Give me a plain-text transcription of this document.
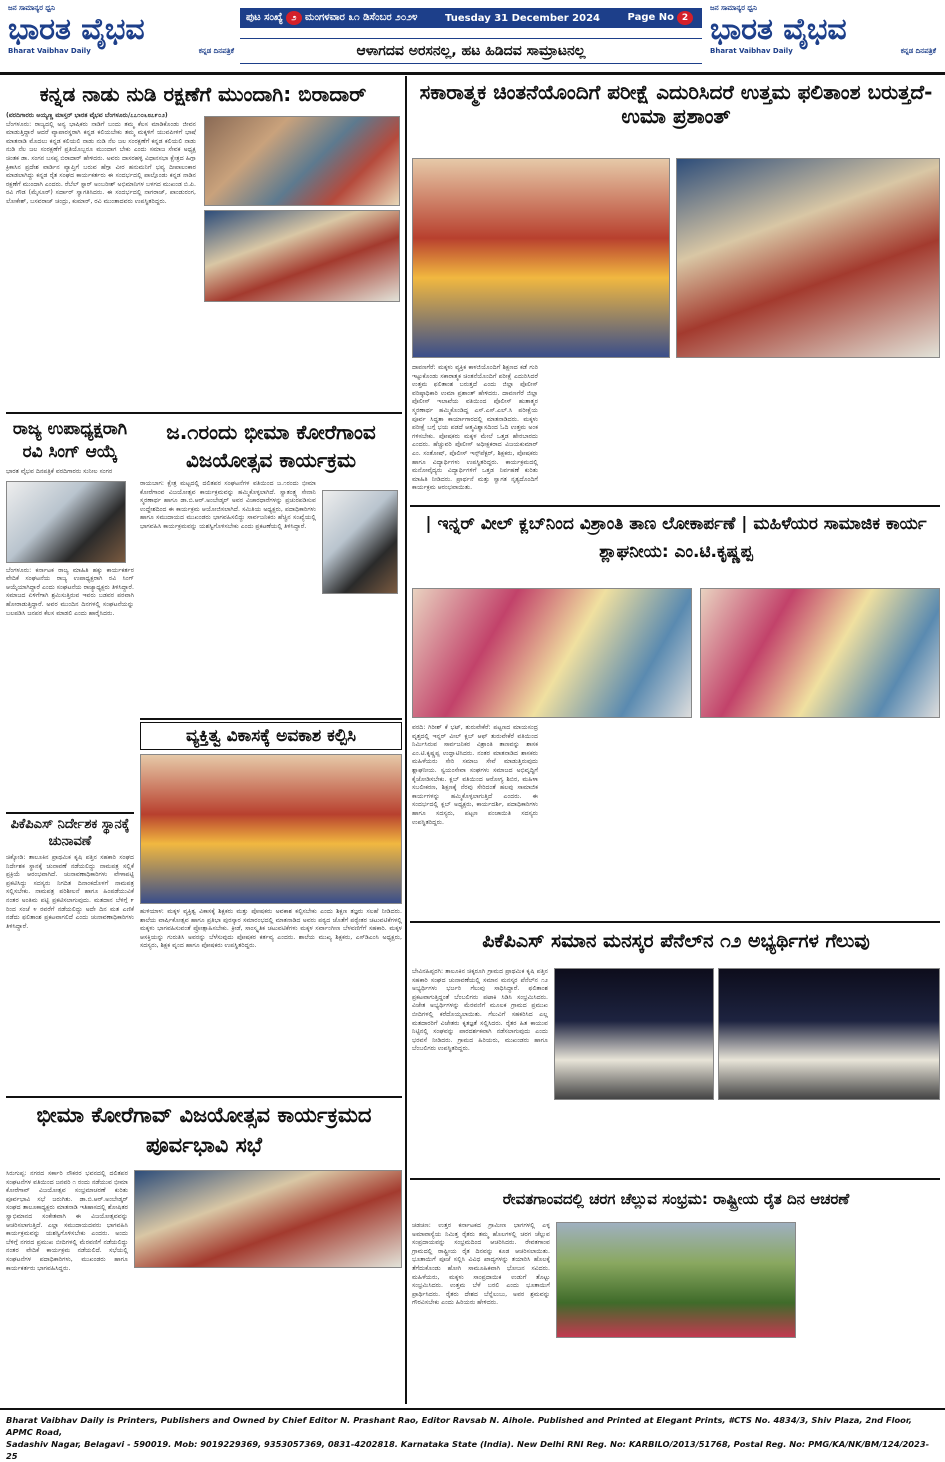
ಜನ ಸಾಮಾನ್ಯರ ಧ್ವನಿ
ಭಾರತ ವೈಭವ
Bharat Vaibhav Daily	ಕನ್ನಡ ದಿನಪತ್ರಿಕೆ
ಪುಟ ಸಂಖ್ಯೆ ೨ ಮಂಗಳವಾರ ೩೧ ಡಿಸೆಂಬರ ೨೦೨೪	Tuesday 31 December 2024	Page No 2
ಆಳಾಗದವ ಅರಸನಲ್ಲ, ಹಟ ಹಿಡಿದವ ಸಾಮ್ರಾಟನಲ್ಲ
ಜನ ಸಾಮಾನ್ಯರ ಧ್ವನಿ
ಭಾರತ ವೈಭವ
Bharat Vaibhav Daily	ಕನ್ನಡ ದಿನಪತ್ರಿಕೆ
ಕನ್ನಡ ನಾಡು ನುಡಿ ರಕ್ಷಣೆಗೆ ಮುಂದಾಗಿ: ಬಿರಾದಾರ್
(ವರದಿಗಾರರು ಅಯ್ಯಣ್ಣ ಮಾಸ್ತರ್ ಭಾರತ ವೈಭವ ಬೆಂಗಳೂರು/೭೭೧೦೬೮೭೯೦೨)
ಬೆಂಗಳೂರು: ರಾಜ್ಯದಲ್ಲಿ ಅನ್ಯ ಭಾಷಿಕರು ನಾಡಿಗೆ ಬಂದು ತಮ್ಮ ಕೆಲಸ ಮಾಡಿಕೊಂಡು ಜೀವನ ಮಾಡುತ್ತಿದ್ದಾರೆ ಆದರೆ ವ್ಯಾಪಾರಸ್ಥರಾಗಿ ಕನ್ನಡ ಕಲಿಯಬೇಕು ತಮ್ಮ ಮಕ್ಕಳಿಗೆ ಯುವಪೀಳಿಗೆ ಭಾಷೆ ಮಾತನಾಡಿ ಮೊದಲು ಕನ್ನಡ ಕಲಿಯಲಿ ನಾಡು ನುಡಿ ನೆಲ ಜಲ ಸಂರಕ್ಷಣೆಗೆ ಕನ್ನಡ ಕಲಿಯಲಿ ನಾಡು ನುಡಿ ನೆಲ ಜಲ ಸಂರಕ್ಷಣೆಗೆ ಪ್ರತಿಯೊಬ್ಬರೂ ಮುಂದಾಗ ಬೇಕು ಎಂದು ಸಮಾಜ ಸೇವಕ ಅಧ್ಯಕ್ಷ ಚಿಂತಕ ಡಾ. ಸಂಗನ ಬಸಪ್ಪ ಬಿರಾದಾರ್ ಹೇಳಿದರು. ಅವರು ದಾಸರಹಳ್ಳಿ ವಿಧಾನಸಭಾ ಕ್ಷೇತ್ರದ ಹಿಗ್ಗಾ ಕ್ರಿಕಾಸಿನ ಪ್ರದೇಶ ವಾರ್ಡಿನ ವ್ಯಾಪ್ತಿಗೆ ಬರುವ ಹೆಗ್ಗಾ ವೀರ ಹನುಮನಿಗೆ ಭವ್ಯ ದೀಪಾಲಂಕಾರ ಮಾಡಲಾಗಿದ್ದು ಕನ್ನಡ ರೈತ ಸಂಘದ ಕಾರ್ಯಕರ್ತರು ಈ ಸಂದರ್ಭದಲ್ಲಿ ಪಾಲ್ಗೊಂಡು ಕನ್ನಡ ನಾಡಿನ ರಕ್ಷಣೆಗೆ ಮುಂದಾಗಿ ಎಂದರು. ರೆಬೆಲ್ ಸ್ಟಾರ್ ಅಂಬರೀಶ್ ಅಭಿಮಾನಿಗಳ ಬಳಗದ ಮುಖಂಡ ಬಿ.ಪಿ. ರವಿ ಗೌಡ (ಮೈಸೂರ್) ಸರ್ದಾರ್ ಸ್ವಾಗತಿಸಿದರು. ಈ ಸಂದರ್ಭದಲ್ಲಿ ನಾಗರಾಜ್, ಪಾಂಡುರಂಗ, ಲೋಕೇಶ್, ಬಸವರಾಜ್ ಚಂದ್ರು, ಕುಮಾರ್, ರವಿ ಮುಂತಾದವರು ಉಪಸ್ಥಿತರಿದ್ದರು.
ಸಕಾರಾತ್ಮಕ ಚಿಂತನೆಯೊಂದಿಗೆ ಪರೀಕ್ಷೆ ಎದುರಿಸಿದರೆ ಉತ್ತಮ ಫಲಿತಾಂಶ ಬರುತ್ತದೆ-ಉಮಾ ಪ್ರಶಾಂತ್
ದಾವಣಗೆರೆ: ಮಕ್ಕಳು ವ್ಯಕ್ತಿಕ ಕಾಳಜಿಯೊಂದಿಗೆ ಶಿಕ್ಷಣದ ಕಡೆ ಗುರಿ ಇಟ್ಟುಕೊಂಡು ಸಕಾರಾತ್ಮಕ ಚಿಂತನೆಯೊಂದಿಗೆ ಪರೀಕ್ಷೆ ಎದುರಿಸಿದರೆ ಉತ್ತಮ ಫಲಿತಾಂಶ ಬರುತ್ತದೆ ಎಂದು ಜಿಲ್ಲಾ ಪೊಲೀಸ್ ವರಿಷ್ಠಾಧಿಕಾರಿ ಉಮಾ ಪ್ರಶಾಂತ್ ಹೇಳಿದರು. ದಾವಣಗೆರೆ ಜಿಲ್ಲಾ ಪೊಲೀಸ್ ಇಲಾಖೆಯ ವತಿಯಿಂದ ಪೊಲೀಸ್ ಹುತಾತ್ಮರ ಸ್ಮರಣಾರ್ಥ ಹಮ್ಮಿಕೊಂಡಿದ್ದ ಎಸ್.ಎಸ್.ಎಲ್.ಸಿ ಪರೀಕ್ಷೆಯ ಪೂರ್ವ ಸಿದ್ಧತಾ ಕಾರ್ಯಾಗಾರದಲ್ಲಿ ಮಾತನಾಡಿದರು. ಮಕ್ಕಳು ಪರೀಕ್ಷೆ ಬಗ್ಗೆ ಭಯ ಪಡದೆ ಆತ್ಮವಿಶ್ವಾಸದಿಂದ ಓದಿ ಉತ್ತಮ ಅಂಕ ಗಳಿಸಬೇಕು. ಪೋಷಕರು ಮಕ್ಕಳ ಮೇಲೆ ಒತ್ತಡ ಹೇರಬಾರದು ಎಂದರು. ಹೆಚ್ಚುವರಿ ಪೊಲೀಸ್ ಅಧೀಕ್ಷಕರಾದ ವಿಜಯಕುಮಾರ್ ಎಂ. ಸಂತೋಷ್, ಪೊಲೀಸ್ ಇನ್ಸ್‌ಪೆಕ್ಟರ್, ಶಿಕ್ಷಕರು, ಪೋಷಕರು ಹಾಗೂ ವಿದ್ಯಾರ್ಥಿಗಳು ಉಪಸ್ಥಿತರಿದ್ದರು. ಕಾರ್ಯಕ್ರಮದಲ್ಲಿ ಮನೋವೈದ್ಯರು ವಿದ್ಯಾರ್ಥಿಗಳಿಗೆ ಒತ್ತಡ ನಿರ್ವಹಣೆ ಕುರಿತು ಮಾಹಿತಿ ನೀಡಿದರು. ಪ್ರಾರ್ಥನೆ ಮತ್ತು ಸ್ವಾಗತ ನೃತ್ಯದೊಂದಿಗೆ ಕಾರ್ಯಕ್ರಮ ಆರಂಭವಾಯಿತು.
ರಾಜ್ಯ ಉಪಾಧ್ಯಕ್ಷರಾಗಿ ರವಿ ಸಿಂಗ್ ಆಯ್ಕೆ
ಭಾರತ ವೈಭವ ದಿನಪತ್ರಿಕೆ ವರದಿಗಾರರು ಸುನೀಲ ಸಂಗರ
ಬೆಂಗಳೂರು: ಕರ್ನಾಟಕ ರಾಜ್ಯ ಮಾಹಿತಿ ಹಕ್ಕು ಕಾರ್ಯಕರ್ತರ ವೇದಿಕೆ ಸಂಘಟನೆಯ ರಾಜ್ಯ ಉಪಾಧ್ಯಕ್ಷರಾಗಿ ರವಿ ಸಿಂಗ್ ಆಯ್ಕೆಯಾಗಿದ್ದಾರೆ ಎಂದು ಸಂಘಟನೆಯ ರಾಜ್ಯಾಧ್ಯಕ್ಷರು ತಿಳಿಸಿದ್ದಾರೆ. ಸಮಾಜದ ಏಳಿಗೆಗಾಗಿ ಶ್ರಮಿಸುತ್ತಿರುವ ಇವರು ಬಡವರ ಪರವಾಗಿ ಹೋರಾಡುತ್ತಿದ್ದಾರೆ. ಅವರ ಮುಂದಿನ ದಿನಗಳಲ್ಲಿ ಸಂಘಟನೆಯನ್ನು ಬಲಪಡಿಸಿ ಜನಪರ ಕೆಲಸ ಮಾಡಲಿ ಎಂದು ಹಾರೈಸಿದರು.
ಜ.೧ರಂದು ಭೀಮಾ ಕೋರೆಗಾಂವ ವಿಜಯೋತ್ಸವ ಕಾರ್ಯಕ್ರಮ
ರಾಯಬಾಗ: ಕ್ಷೇತ್ರ ಮಟ್ಟದಲ್ಲಿ ದಲಿತಪರ ಸಂಘಟನೆಗಳ ವತಿಯಿಂದ ಜ.೧ರಂದು ಭೀಮಾ ಕೋರೆಗಾಂವ ವಿಜಯೋತ್ಸವ ಕಾರ್ಯಕ್ರಮವನ್ನು ಹಮ್ಮಿಕೊಳ್ಳಲಾಗಿದೆ. ಸ್ವಾತಂತ್ರ್ಯ ಸೇನಾನಿ ಸ್ಮರಣಾರ್ಥ ಹಾಗೂ ಡಾ.ಬಿ.ಆರ್.ಅಂಬೇಡ್ಕರ್ ಅವರ ವಿಚಾರಧಾರೆಗಳನ್ನು ಪ್ರಚುರಪಡಿಸುವ ಉದ್ದೇಶದಿಂದ ಈ ಕಾರ್ಯಕ್ರಮ ಆಯೋಜಿಸಲಾಗಿದೆ. ಸಮಿತಿಯ ಅಧ್ಯಕ್ಷರು, ಪದಾಧಿಕಾರಿಗಳು ಹಾಗೂ ಸಮುದಾಯದ ಮುಖಂಡರು ಭಾಗವಹಿಸಲಿದ್ದು ಸಾರ್ವಜನಿಕರು ಹೆಚ್ಚಿನ ಸಂಖ್ಯೆಯಲ್ಲಿ ಭಾಗವಹಿಸಿ ಕಾರ್ಯಕ್ರಮವನ್ನು ಯಶಸ್ವಿಗೊಳಿಸಬೇಕು ಎಂದು ಪ್ರಕಟಣೆಯಲ್ಲಿ ತಿಳಿಸಿದ್ದಾರೆ.
ಪಿಕೆಪಿಎಸ್ ನಿರ್ದೇಶಕ ಸ್ಥಾನಕ್ಕೆ ಚುನಾವಣೆ
ಚಿಕ್ಕೋಡಿ: ತಾಲೂಕಿನ ಪ್ರಾಥಮಿಕ ಕೃಷಿ ಪತ್ತಿನ ಸಹಕಾರಿ ಸಂಘದ ನಿರ್ದೇಶಕ ಸ್ಥಾನಕ್ಕೆ ಚುನಾವಣೆ ನಡೆಯಲಿದ್ದು ನಾಮಪತ್ರ ಸಲ್ಲಿಕೆ ಪ್ರಕ್ರಿಯೆ ಆರಂಭವಾಗಿದೆ. ಚುನಾವಣಾಧಿಕಾರಿಗಳು ವೇಳಾಪಟ್ಟಿ ಪ್ರಕಟಿಸಿದ್ದು ಸದಸ್ಯರು ನಿಗದಿತ ದಿನಾಂಕದೊಳಗೆ ನಾಮಪತ್ರ ಸಲ್ಲಿಸಬೇಕು. ನಾಮಪತ್ರ ಪರಿಶೀಲನೆ ಹಾಗೂ ಹಿಂಪಡೆಯುವಿಕೆ ನಂತರ ಅಂತಿಮ ಪಟ್ಟಿ ಪ್ರಕಟಿಸಲಾಗುವುದು. ಮತದಾನ ಬೆಳಿಗ್ಗೆ ೯ ರಿಂದ ಸಂಜೆ ೪ ರವರೆಗೆ ನಡೆಯಲಿದ್ದು ಅದೇ ದಿನ ಮತ ಎಣಿಕೆ ನಡೆದು ಫಲಿತಾಂಶ ಪ್ರಕಟವಾಗಲಿದೆ ಎಂದು ಚುನಾವಣಾಧಿಕಾರಿಗಳು ತಿಳಿಸಿದ್ದಾರೆ.
ವ್ಯಕ್ತಿತ್ವ ವಿಕಾಸಕ್ಕೆ ಅವಕಾಶ ಕಲ್ಪಿಸಿ
ಹುಳಿಯಾಳ: ಮಕ್ಕಳ ವ್ಯಕ್ತಿತ್ವ ವಿಕಾಸಕ್ಕೆ ಶಿಕ್ಷಕರು ಮತ್ತು ಪೋಷಕರು ಅವಕಾಶ ಕಲ್ಪಿಸಬೇಕು ಎಂದು ಶಿಕ್ಷಣ ತಜ್ಞರು ಸಲಹೆ ನೀಡಿದರು. ಶಾಲೆಯ ವಾರ್ಷಿಕೋತ್ಸವ ಹಾಗೂ ಪ್ರತಿಭಾ ಪುರಸ್ಕಾರ ಸಮಾರಂಭದಲ್ಲಿ ಮಾತನಾಡಿದ ಅವರು ಪಠ್ಯದ ಜೊತೆಗೆ ಪಠ್ಯೇತರ ಚಟುವಟಿಕೆಗಳಲ್ಲಿ ಮಕ್ಕಳು ಭಾಗವಹಿಸುವಂತೆ ಪ್ರೋತ್ಸಾಹಿಸಬೇಕು. ಕ್ರೀಡೆ, ಸಾಂಸ್ಕೃತಿಕ ಚಟುವಟಿಕೆಗಳು ಮಕ್ಕಳ ಸರ್ವಾಂಗೀಣ ಬೆಳವಣಿಗೆಗೆ ಸಹಕಾರಿ. ಮಕ್ಕಳ ಆಸಕ್ತಿಯನ್ನು ಗುರುತಿಸಿ ಅವರನ್ನು ಬೆಳೆಸುವುದು ಪೋಷಕರ ಕರ್ತವ್ಯ ಎಂದರು. ಶಾಲೆಯ ಮುಖ್ಯ ಶಿಕ್ಷಕರು, ಎಸ್‌ಡಿಎಂಸಿ ಅಧ್ಯಕ್ಷರು, ಸದಸ್ಯರು, ಶಿಕ್ಷಕ ವೃಂದ ಹಾಗೂ ಪೋಷಕರು ಉಪಸ್ಥಿತರಿದ್ದರು.
| ಇನ್ನರ್ ವೀಲ್ ಕ್ಲಬ್‌ನಿಂದ ವಿಶ್ರಾಂತಿ ತಾಣ ಲೋಕಾರ್ಪಣೆ | ಮಹಿಳೆಯರ ಸಾಮಾಜಿಕ ಕಾರ್ಯ ಶ್ಲಾಘನೀಯ: ಎಂ.ಟಿ.ಕೃಷ್ಣಪ್ಪ
ವರದಿ: ಗಿರೀಶ್ ಕೆ ಭಟ್, ತುರುವೇಕೆರೆ: ಪಟ್ಟಣದ ಮಾಯಸಂದ್ರ ವೃತ್ತದಲ್ಲಿ ಇನ್ನರ್ ವೀಲ್ ಕ್ಲಬ್ ಆಫ್ ತುರುವೇಕೆರೆ ವತಿಯಿಂದ ನಿರ್ಮಿಸಿರುವ ಸಾರ್ವಜನಿಕರ ವಿಶ್ರಾಂತಿ ತಾಣವನ್ನು ಶಾಸಕ ಎಂ.ಟಿ.ಕೃಷ್ಣಪ್ಪ ಉದ್ಘಾಟಿಸಿದರು. ನಂತರ ಮಾತನಾಡಿದ ಶಾಸಕರು ಮಹಿಳೆಯರು ಸೇರಿ ಸಮಾಜ ಸೇವೆ ಮಾಡುತ್ತಿರುವುದು ಶ್ಲಾಘನೀಯ. ಸ್ವಯಂಸೇವಾ ಸಂಘಗಳು ಸಮಾಜದ ಅಭಿವೃದ್ಧಿಗೆ ಕೈಜೋಡಿಸಬೇಕು. ಕ್ಲಬ್ ವತಿಯಿಂದ ಆರೋಗ್ಯ ಶಿಬಿರ, ಮಹಿಳಾ ಸಬಲೀಕರಣ, ಶಿಕ್ಷಣಕ್ಕೆ ನೆರವು ಸೇರಿದಂತೆ ಹಲವು ಸಾಮಾಜಿಕ ಕಾರ್ಯಗಳನ್ನು ಹಮ್ಮಿಕೊಳ್ಳಲಾಗುತ್ತಿದೆ ಎಂದರು. ಈ ಸಂದರ್ಭದಲ್ಲಿ ಕ್ಲಬ್ ಅಧ್ಯಕ್ಷರು, ಕಾರ್ಯದರ್ಶಿ, ಪದಾಧಿಕಾರಿಗಳು ಹಾಗೂ ಸದಸ್ಯರು, ಪಟ್ಟಣ ಪಂಚಾಯಿತಿ ಸದಸ್ಯರು ಉಪಸ್ಥಿತರಿದ್ದರು.
ಪಿಕೆಪಿಎಸ್ ಸಮಾನ ಮನಸ್ಕರ ಪೆನೆಲ್‌ನ ೧೨ ಅಭ್ಯರ್ಥಿಗಳ ಗೆಲುವು
ಬೇವಿನಹಿಪ್ಪರಗಿ: ತಾಲೂಕಿನ ಚಿಕ್ಕರೂಗಿ ಗ್ರಾಮದ ಪ್ರಾಥಮಿಕ ಕೃಷಿ ಪತ್ತಿನ ಸಹಕಾರಿ ಸಂಘದ ಚುನಾವಣೆಯಲ್ಲಿ ಸಮಾನ ಮನಸ್ಕರ ಪೆನೆಲ್‌ನ ೧೨ ಅಭ್ಯರ್ಥಿಗಳು ಭರ್ಜರಿ ಗೆಲುವು ಸಾಧಿಸಿದ್ದಾರೆ. ಫಲಿತಾಂಶ ಪ್ರಕಟವಾಗುತ್ತಿದ್ದಂತೆ ಬೆಂಬಲಿಗರು ಪಟಾಕಿ ಸಿಡಿಸಿ ಸಂಭ್ರಮಿಸಿದರು. ವಿಜೇತ ಅಭ್ಯರ್ಥಿಗಳನ್ನು ಮೆರವಣಿಗೆ ಮೂಲಕ ಗ್ರಾಮದ ಪ್ರಮುಖ ಬೀದಿಗಳಲ್ಲಿ ಕರೆದೊಯ್ಯಲಾಯಿತು. ಗೆಲುವಿಗೆ ಸಹಕರಿಸಿದ ಎಲ್ಲ ಮತದಾರರಿಗೆ ವಿಜೇತರು ಕೃತಜ್ಞತೆ ಸಲ್ಲಿಸಿದರು. ರೈತರ ಹಿತ ಕಾಯುವ ನಿಟ್ಟಿನಲ್ಲಿ ಸಂಘವನ್ನು ಪಾರದರ್ಶಕವಾಗಿ ನಡೆಸಲಾಗುವುದು ಎಂದು ಭರವಸೆ ನೀಡಿದರು. ಗ್ರಾಮದ ಹಿರಿಯರು, ಮುಖಂಡರು ಹಾಗೂ ಬೆಂಬಲಿಗರು ಉಪಸ್ಥಿತರಿದ್ದರು.
ಭೀಮಾ ಕೋರೆಗಾವ್ ವಿಜಯೋತ್ಸವ ಕಾರ್ಯಕ್ರಮದ ಪೂರ್ವಭಾವಿ ಸಭೆ
ಸಿರುಗುಪ್ಪ: ನಗರದ ಸರ್ಕಾರಿ ನೌಕರರ ಭವನದಲ್ಲಿ ದಲಿತಪರ ಸಂಘಟನೆಗಳ ವತಿಯಿಂದ ಜನವರಿ ೧ ರಂದು ನಡೆಯುವ ಭೀಮಾ ಕೋರೆಗಾವ್ ವಿಜಯೋತ್ಸವ ಸಂಭ್ರಮಾಚರಣೆ ಕುರಿತು ಪೂರ್ವಭಾವಿ ಸಭೆ ಜರುಗಿತು. ಡಾ.ಬಿ.ಆರ್.ಅಂಬೇಡ್ಕರ್ ಸಂಘದ ತಾಲೂಕಾಧ್ಯಕ್ಷರು ಮಾತನಾಡಿ ಇತಿಹಾಸದಲ್ಲಿ ಶೋಷಿತರ ಸ್ವಾಭಿಮಾನದ ಸಂಕೇತವಾಗಿ ಈ ವಿಜಯೋತ್ಸವವನ್ನು ಆಚರಿಸಲಾಗುತ್ತಿದೆ. ಎಲ್ಲಾ ಸಮುದಾಯದವರು ಭಾಗವಹಿಸಿ ಕಾರ್ಯಕ್ರಮವನ್ನು ಯಶಸ್ವಿಗೊಳಿಸಬೇಕು ಎಂದರು. ಅಂದು ಬೆಳಿಗ್ಗೆ ನಗರದ ಪ್ರಮುಖ ಬೀದಿಗಳಲ್ಲಿ ಮೆರವಣಿಗೆ ನಡೆಯಲಿದ್ದು ನಂತರ ವೇದಿಕೆ ಕಾರ್ಯಕ್ರಮ ನಡೆಯಲಿದೆ. ಸಭೆಯಲ್ಲಿ ಸಂಘಟನೆಗಳ ಪದಾಧಿಕಾರಿಗಳು, ಮುಖಂಡರು ಹಾಗೂ ಕಾರ್ಯಕರ್ತರು ಭಾಗವಹಿಸಿದ್ದರು.
ರೇವತಗಾಂವದಲ್ಲಿ ಚರಗ ಚೆಲ್ಲುವ ಸಂಭ್ರಮ: ರಾಷ್ಟ್ರೀಯ ರೈತ ದಿನ ಆಚರಣೆ
ಚಡಚಣ: ಉತ್ತರ ಕರ್ನಾಟಕದ ಗ್ರಾಮೀಣ ಭಾಗಗಳಲ್ಲಿ ಎಳ್ಳ ಅಮಾವಾಸ್ಯೆಯ ನಿಮಿತ್ತ ರೈತರು ತಮ್ಮ ಹೊಲಗಳಲ್ಲಿ ಚರಗ ಚೆಲ್ಲುವ ಸಂಪ್ರದಾಯವನ್ನು ಸಂಭ್ರಮದಿಂದ ಆಚರಿಸಿದರು. ರೇವತಗಾಂವ ಗ್ರಾಮದಲ್ಲಿ ರಾಷ್ಟ್ರೀಯ ರೈತ ದಿನವನ್ನು ಕೂಡ ಆಚರಿಸಲಾಯಿತು. ಭೂತಾಯಿಗೆ ಪೂಜೆ ಸಲ್ಲಿಸಿ ವಿವಿಧ ಖಾದ್ಯಗಳನ್ನು ತಯಾರಿಸಿ ಹೊಲಕ್ಕೆ ತೆಗೆದುಕೊಂಡು ಹೋಗಿ ಸಾಮೂಹಿಕವಾಗಿ ಭೋಜನ ಸವಿದರು. ಮಹಿಳೆಯರು, ಮಕ್ಕಳು ಸಾಂಪ್ರದಾಯಿಕ ಉಡುಗೆ ತೊಟ್ಟು ಸಂಭ್ರಮಿಸಿದರು. ಉತ್ತಮ ಬೆಳೆ ಬರಲಿ ಎಂದು ಭೂತಾಯಿಗೆ ಪ್ರಾರ್ಥಿಸಿದರು. ರೈತರು ದೇಶದ ಬೆನ್ನೆಲುಬು, ಅವರ ಶ್ರಮವನ್ನು ಗೌರವಿಸಬೇಕು ಎಂದು ಹಿರಿಯರು ಹೇಳಿದರು.
Bharat Vaibhav Daily is Printers, Publishers and Owned by Chief Editor N. Prashant Rao, Editor Ravsab N. Aihole. Published and Printed at Elegant Prints, #CTS No. 4834/3, Shiv Plaza, 2nd Floor, APMC Road,
Sadashiv Nagar, Belagavi - 590019. Mob: 9019229369, 9353057369, 0831-4202818. Karnataka State (India). New Delhi RNI Reg. No: KARBILO/2013/51768, Postal Reg. No: PMG/KA/NK/BM/124/2023-25
